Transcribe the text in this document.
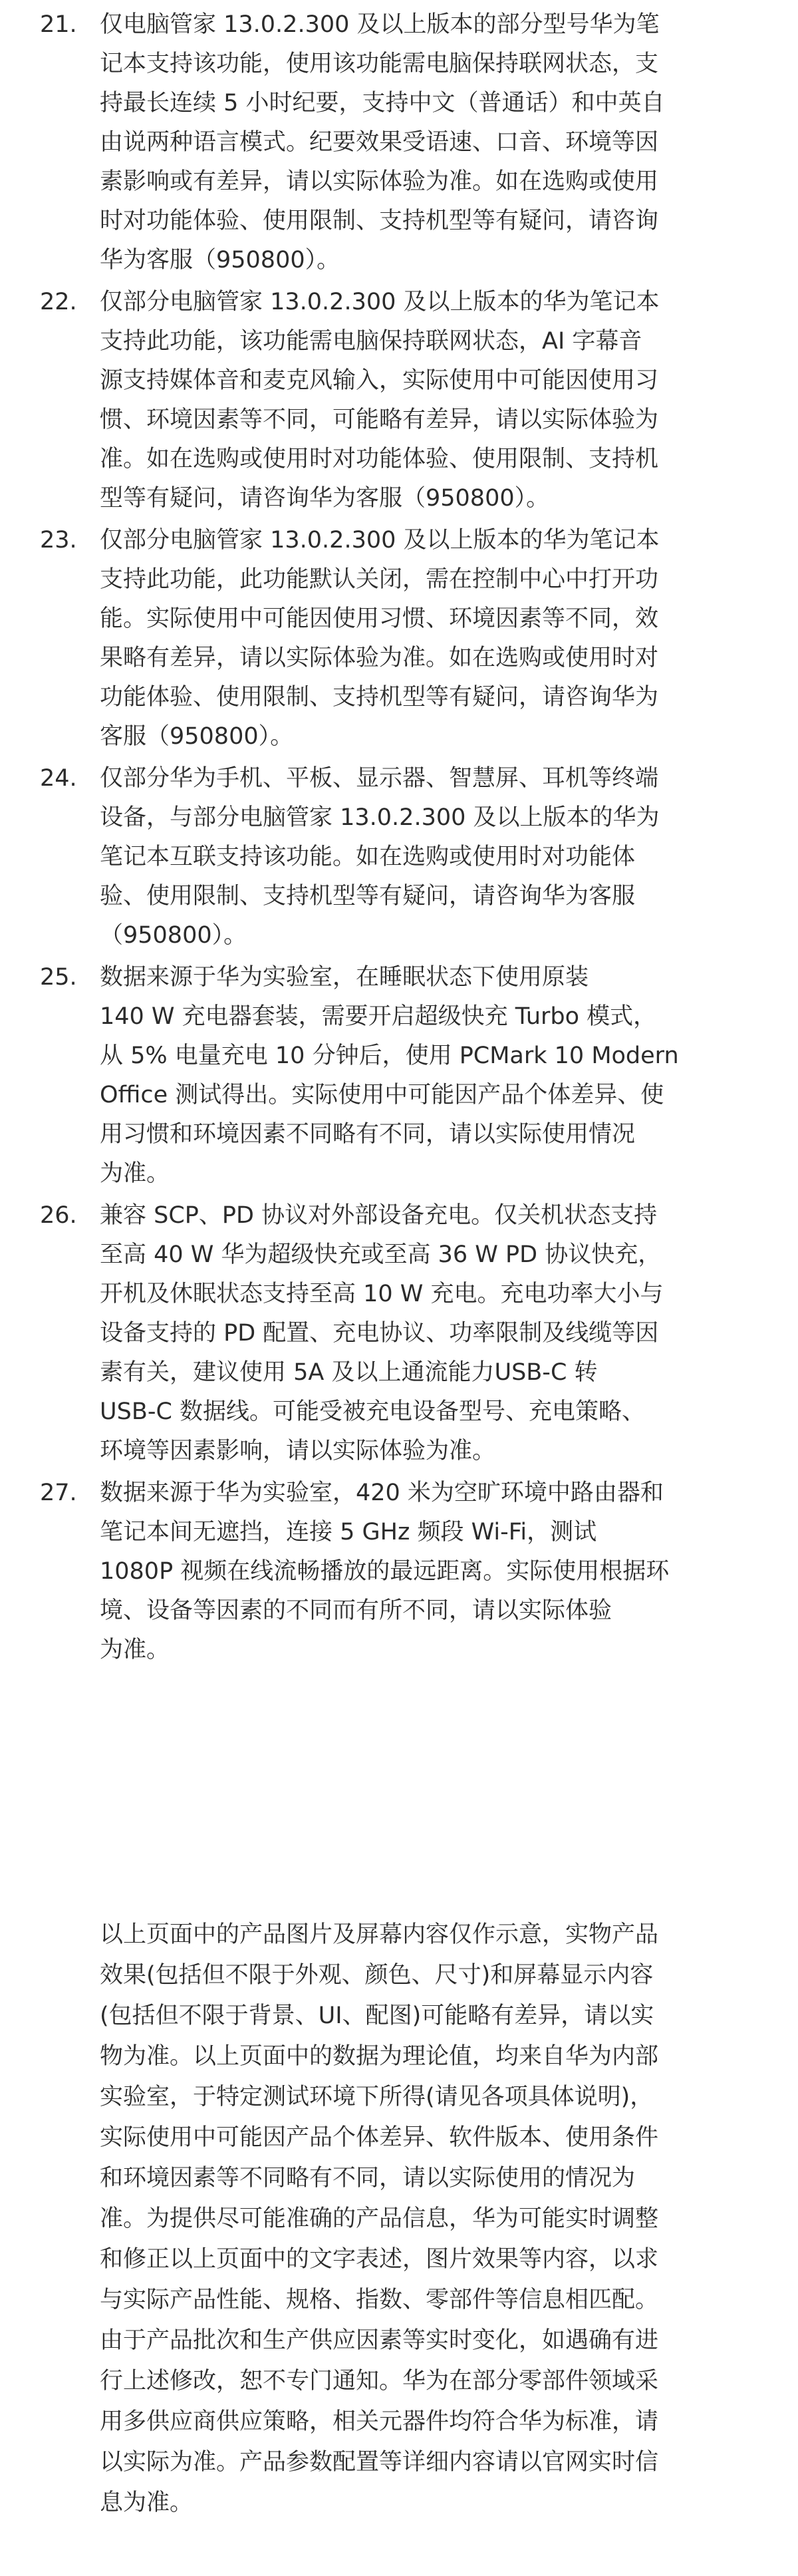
21. 仅电脑管家 13.0.2.300 及以上版本的部分型号华为笔
记本支持该功能，使用该功能需电脑保持联网状态，支
持最长连续 5 小时纪要，支持中文（普通话）和中英自
由说两种语言模式。纪要效果受语速、口音、环境等因
素影响或有差异，请以实际体验为准。如在选购或使用
时对功能体验、使用限制、支持机型等有疑问，请咨询
华为客服（950800）。
22. 仅部分电脑管家 13.0.2.300 及以上版本的华为笔记本
支持此功能，该功能需电脑保持联网状态，AI 字幕音
源支持媒体音和麦克风输入，实际使用中可能因使用习
惯、环境因素等不同，可能略有差异，请以实际体验为
准。如在选购或使用时对功能体验、使用限制、支持机
型等有疑问，请咨询华为客服（950800）。
23. 仅部分电脑管家 13.0.2.300 及以上版本的华为笔记本
支持此功能，此功能默认关闭，需在控制中心中打开功
能。实际使用中可能因使用习惯、环境因素等不同，效
果略有差异，请以实际体验为准。如在选购或使用时对
功能体验、使用限制、支持机型等有疑问，请咨询华为
客服（950800）。
24. 仅部分华为手机、平板、显示器、智慧屏、耳机等终端
设备，与部分电脑管家 13.0.2.300 及以上版本的华为
笔记本互联支持该功能。如在选购或使用时对功能体
验、使用限制、支持机型等有疑问，请咨询华为客服
（950800）。
25. 数据来源于华为实验室，在睡眠状态下使用原装
140 W 充电器套装，需要开启超级快充 Turbo 模式，
从 5% 电量充电 10 分钟后，使用 PCMark 10 Modern
Office 测试得出。实际使用中可能因产品个体差异、使
用习惯和环境因素不同略有不同，请以实际使用情况
为准。
26. 兼容 SCP、PD 协议对外部设备充电。仅关机状态支持
至高 40 W 华为超级快充或至高 36 W PD 协议快充，
开机及休眠状态支持至高 10 W 充电。充电功率大小与
设备支持的 PD 配置、充电协议、功率限制及线缆等因
素有关，建议使用 5A 及以上通流能力USB-C 转
USB-C 数据线。可能受被充电设备型号、充电策略、
环境等因素影响，请以实际体验为准。
27. 数据来源于华为实验室，420 米为空旷环境中路由器和
笔记本间无遮挡，连接 5 GHz 频段 Wi-Fi，测试
1080P 视频在线流畅播放的最远距离。实际使用根据环
境、设备等因素的不同而有所不同，请以实际体验
为准。

以上页面中的产品图片及屏幕内容仅作示意，实物产品
效果(包括但不限于外观、颜色、尺寸)和屏幕显示内容
(包括但不限于背景、UI、配图)可能略有差异，请以实
物为准。以上页面中的数据为理论值，均来自华为内部
实验室，于特定测试环境下所得(请见各项具体说明)，
实际使用中可能因产品个体差异、软件版本、使用条件
和环境因素等不同略有不同，请以实际使用的情况为
准。为提供尽可能准确的产品信息，华为可能实时调整
和修正以上页面中的文字表述，图片效果等内容，以求
与实际产品性能、规格、指数、零部件等信息相匹配。
由于产品批次和生产供应因素等实时变化，如遇确有进
行上述修改，恕不专门通知。华为在部分零部件领域采
用多供应商供应策略，相关元器件均符合华为标准，请
以实际为准。产品参数配置等详细内容请以官网实时信
息为准。
